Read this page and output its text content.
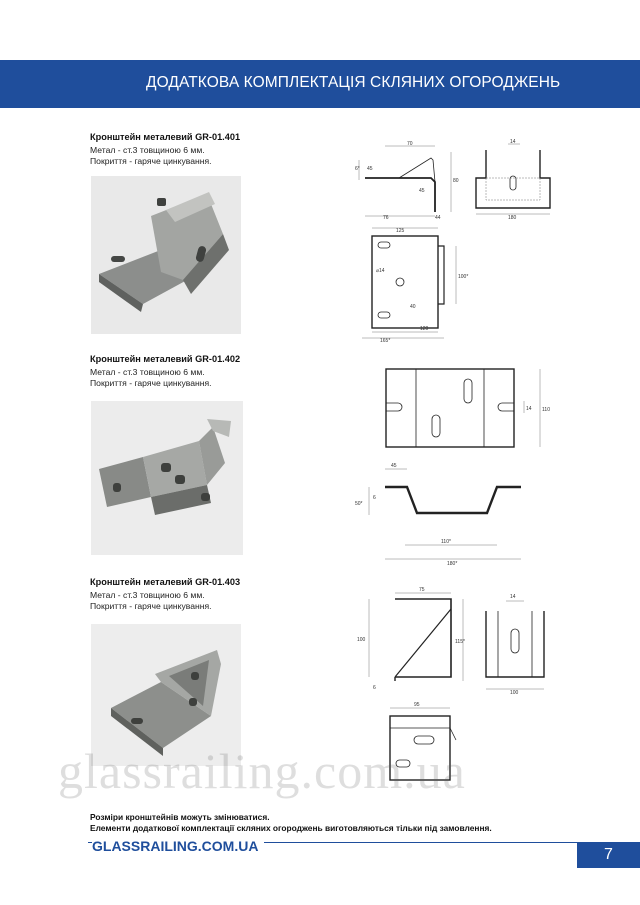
ДОДАТКОВА КОМПЛЕКТАЦІЯ СКЛЯНИХ ОГОРОДЖЕНЬ
Кронштейн металевий GR-01.401
Метал - ст.3 товщиною 6 мм.
Покриття - гаряче цинкування.
70
6* 45
80
45
76	44
14
180
125
⌀14
100*
40
120
165*
Кронштейн металевий GR-01.402
Метал - ст.3 товщиною 6 мм.
Покриття - гаряче цинкування.
14 110
45
50*
6
110*
180*
Кронштейн металевий GR-01.403
Метал - ст.3 товщиною 6 мм.
Покриття - гаряче цинкування.
75
100	115*
6
14
100
95
glassrailing.com.ua
Розміри кронштейнів можуть змінюватися.
Елементи додаткової комплектації скляних огороджень виготовляються тільки під замовлення.
GLASSRAILING.COM.UA	7
